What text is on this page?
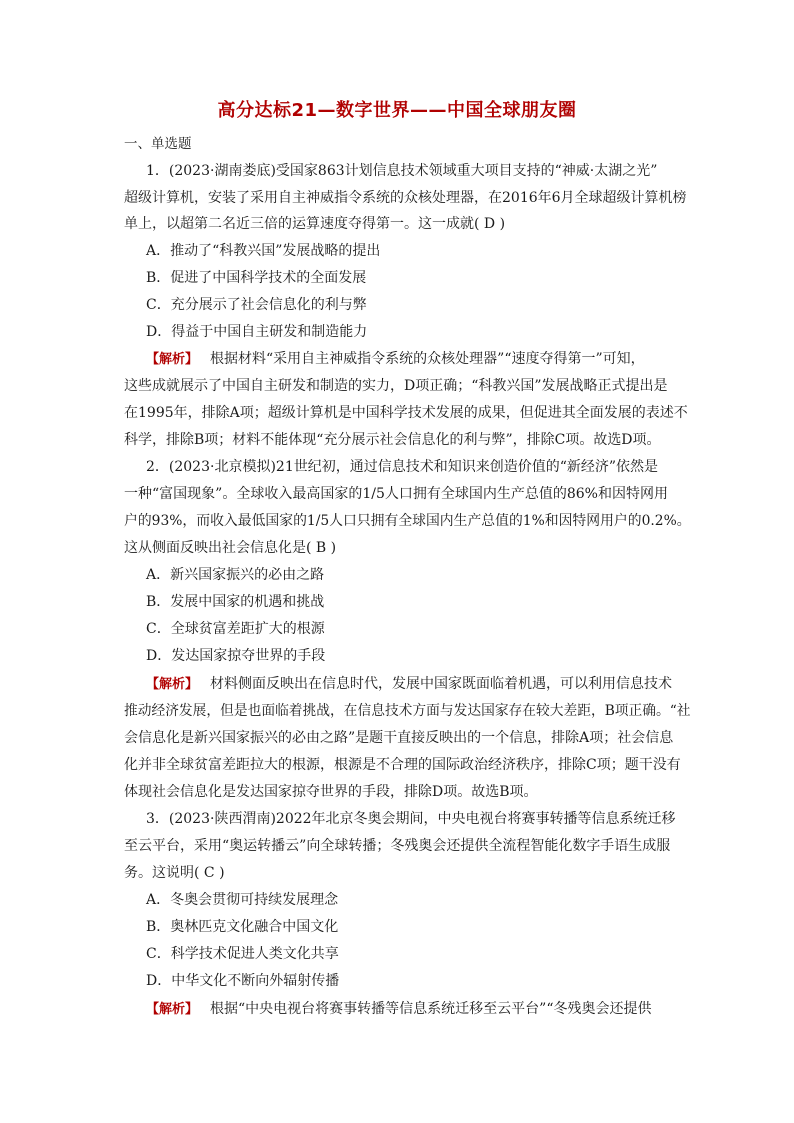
高分达标21—数字世界——中国全球朋友圈
一、单选题
1．(2023·湖南娄底)受国家863计划信息技术领域重大项目支持的“神威·太湖之光”
超级计算机，安装了采用自主神威指令系统的众核处理器，在2016年6月全球超级计算机榜
单上，以超第二名近三倍的运算速度夺得第一。这一成就( D )
A．推动了“科教兴国”发展战略的提出
B．促进了中国科学技术的全面发展
C．充分展示了社会信息化的利与弊
D．得益于中国自主研发和制造能力
【解析】 根据材料“采用自主神威指令系统的众核处理器”“速度夺得第一”可知，
这些成就展示了中国自主研发和制造的实力，D项正确；“科教兴国”发展战略正式提出是
在1995年，排除A项；超级计算机是中国科学技术发展的成果，但促进其全面发展的表述不
科学，排除B项；材料不能体现“充分展示社会信息化的利与弊”，排除C项。故选D项。
2．(2023·北京模拟)21世纪初，通过信息技术和知识来创造价值的“新经济”依然是
一种“富国现象”。全球收入最高国家的1/5人口拥有全球国内生产总值的86%和因特网用
户的93%，而收入最低国家的1/5人口只拥有全球国内生产总值的1%和因特网用户的0.2%。
这从侧面反映出社会信息化是( B )
A．新兴国家振兴的必由之路
B．发展中国家的机遇和挑战
C．全球贫富差距扩大的根源
D．发达国家掠夺世界的手段
【解析】 材料侧面反映出在信息时代，发展中国家既面临着机遇，可以利用信息技术
推动经济发展，但是也面临着挑战，在信息技术方面与发达国家存在较大差距，B项正确。“社
会信息化是新兴国家振兴的必由之路”是题干直接反映出的一个信息，排除A项；社会信息
化并非全球贫富差距拉大的根源，根源是不合理的国际政治经济秩序，排除C项；题干没有
体现社会信息化是发达国家掠夺世界的手段，排除D项。故选B项。
3．(2023·陕西渭南)2022年北京冬奥会期间，中央电视台将赛事转播等信息系统迁移
至云平台，采用“奥运转播云”向全球转播；冬残奥会还提供全流程智能化数字手语生成服
务。这说明( C )
A．冬奥会贯彻可持续发展理念
B．奥林匹克文化融合中国文化
C．科学技术促进人类文化共享
D．中华文化不断向外辐射传播
【解析】 根据“中央电视台将赛事转播等信息系统迁移至云平台”“冬残奥会还提供
